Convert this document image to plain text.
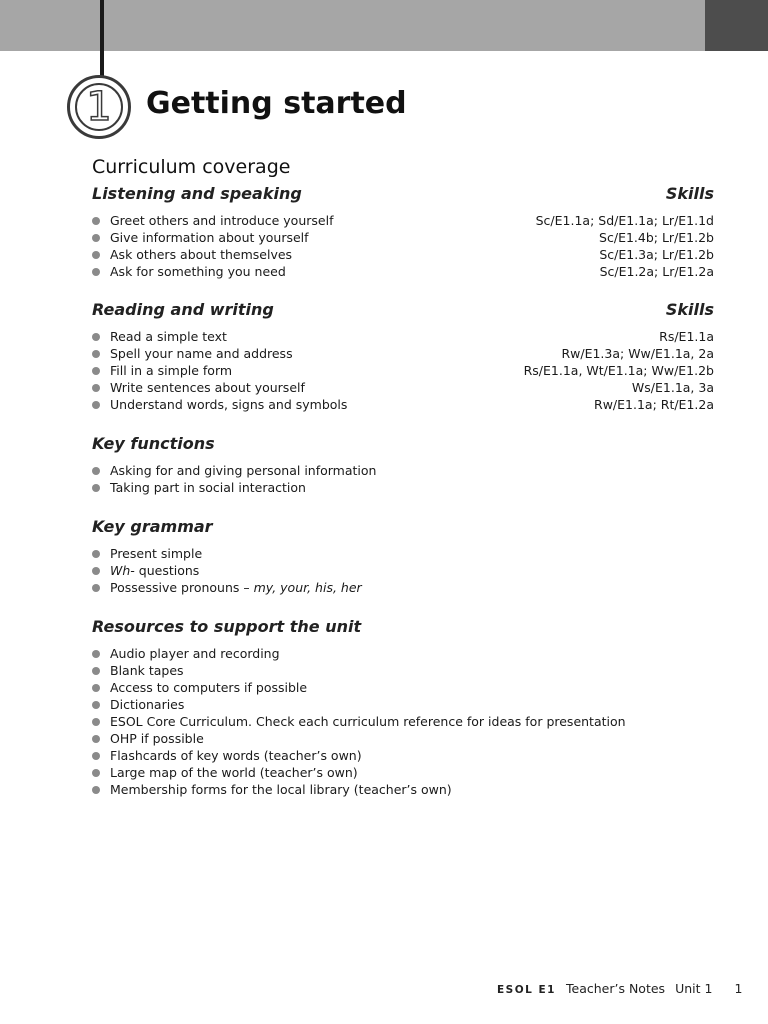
1 Getting started
Curriculum coverage
Listening and speaking	Skills
Greet others and introduce yourself	Sc/E1.1a; Sd/E1.1a; Lr/E1.1d
Give information about yourself	Sc/E1.4b; Lr/E1.2b
Ask others about themselves	Sc/E1.3a; Lr/E1.2b
Ask for something you need	Sc/E1.2a; Lr/E1.2a
Reading and writing	Skills
Read a simple text	Rs/E1.1a
Spell your name and address	Rw/E1.3a; Ww/E1.1a, 2a
Fill in a simple form	Rs/E1.1a, Wt/E1.1a; Ww/E1.2b
Write sentences about yourself	Ws/E1.1a, 3a
Understand words, signs and symbols	Rw/E1.1a; Rt/E1.2a
Key functions
Asking for and giving personal information
Taking part in social interaction
Key grammar
Present simple
Wh- questions
Possessive pronouns – my, your, his, her
Resources to support the unit
Audio player and recording
Blank tapes
Access to computers if possible
Dictionaries
ESOL Core Curriculum. Check each curriculum reference for ideas for presentation
OHP if possible
Flashcards of key words (teacher’s own)
Large map of the world (teacher’s own)
Membership forms for the local library (teacher’s own)
ESOL E1 Teacher’s Notes Unit 1 1
